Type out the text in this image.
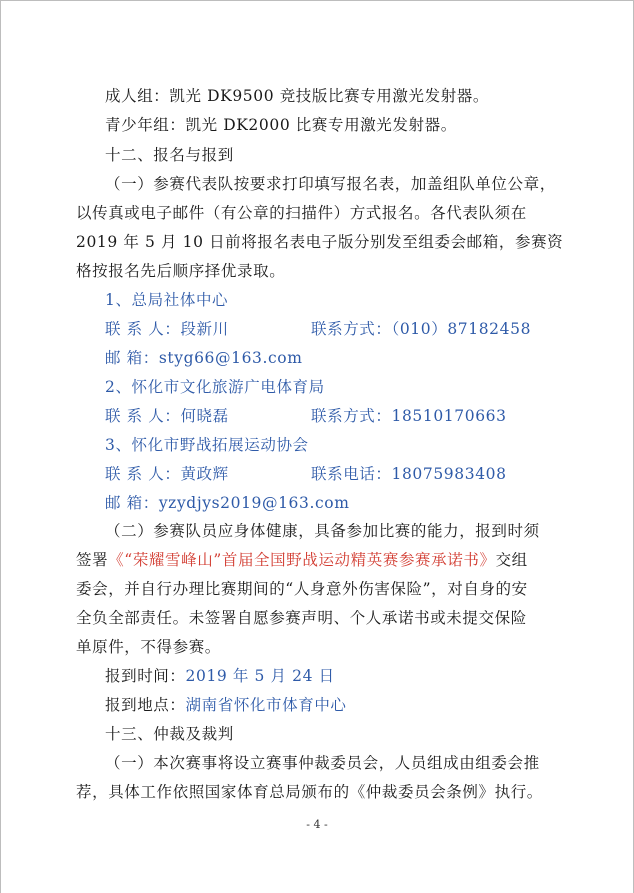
成人组：凯光 DK9500 竞技版比赛专用激光发射器。
青少年组：凯光 DK2000 比赛专用激光发射器。
十二、报名与报到
（一）参赛代表队按要求打印填写报名表，加盖组队单位公章，
以传真或电子邮件（有公章的扫描件）方式报名。各代表队须在
2019 年 5 月 10 日前将报名表电子版分别发至组委会邮箱，参赛资
格按报名先后顺序择优录取。
1、总局社体中心
联 系 人：段新川	联系方式：（010）87182458
邮 箱：styg66@163.com
2、怀化市文化旅游广电体育局
联 系 人：何晓磊	联系方式：18510170663
3、怀化市野战拓展运动协会
联 系 人：黄政辉	联系电话：18075983408
邮 箱：yzydjys2019@163.com
（二）参赛队员应身体健康，具备参加比赛的能力，报到时须
签署《“荣耀雪峰山”首届全国野战运动精英赛参赛承诺书》交组
委会，并自行办理比赛期间的“人身意外伤害保险”，对自身的安
全负全部责任。未签署自愿参赛声明、个人承诺书或未提交保险
单原件，不得参赛。
报到时间：2019 年 5 月 24 日
报到地点：湖南省怀化市体育中心
十三、仲裁及裁判
（一）本次赛事将设立赛事仲裁委员会，人员组成由组委会推
荐，具体工作依照国家体育总局颁布的《仲裁委员会条例》执行。
- 4 -
